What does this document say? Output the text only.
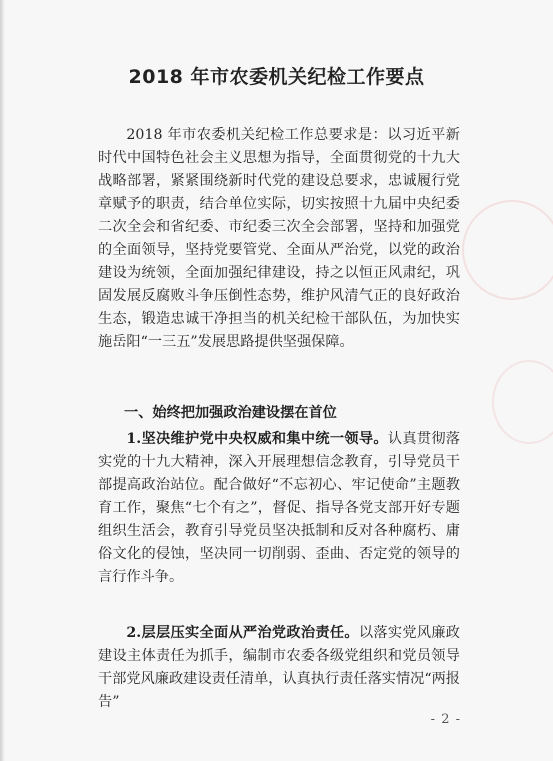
2018 年市农委机关纪检工作要点

2018 年市农委机关纪检工作总要求是：以习近平新时代中国特色社会主义思想为指导，全面贯彻党的十九大战略部署，紧紧围绕新时代党的建设总要求，忠诚履行党章赋予的职责，结合单位实际，切实按照十九届中央纪委二次全会和省纪委、市纪委三次全会部署，坚持和加强党的全面领导，坚持党要管党、全面从严治党，以党的政治建设为统领，全面加强纪律建设，持之以恒正风肃纪，巩固发展反腐败斗争压倒性态势，维护风清气正的良好政治生态，锻造忠诚干净担当的机关纪检干部队伍，为加快实施岳阳“一三五”发展思路提供坚强保障。

一、始终把加强政治建设摆在首位

1.坚决维护党中央权威和集中统一领导。认真贯彻落实党的十九大精神，深入开展理想信念教育，引导党员干部提高政治站位。配合做好“不忘初心、牢记使命”主题教育工作，聚焦“七个有之”，督促、指导各党支部开好专题组织生活会，教育引导党员坚决抵制和反对各种腐朽、庸俗文化的侵蚀，坚决同一切削弱、歪曲、否定党的领导的言行作斗争。

2.层层压实全面从严治党政治责任。以落实党风廉政建设主体责任为抓手，编制市农委各级党组织和党员领导干部党风廉政建设责任清单，认真执行责任落实情况“两报告”

- 2 -
